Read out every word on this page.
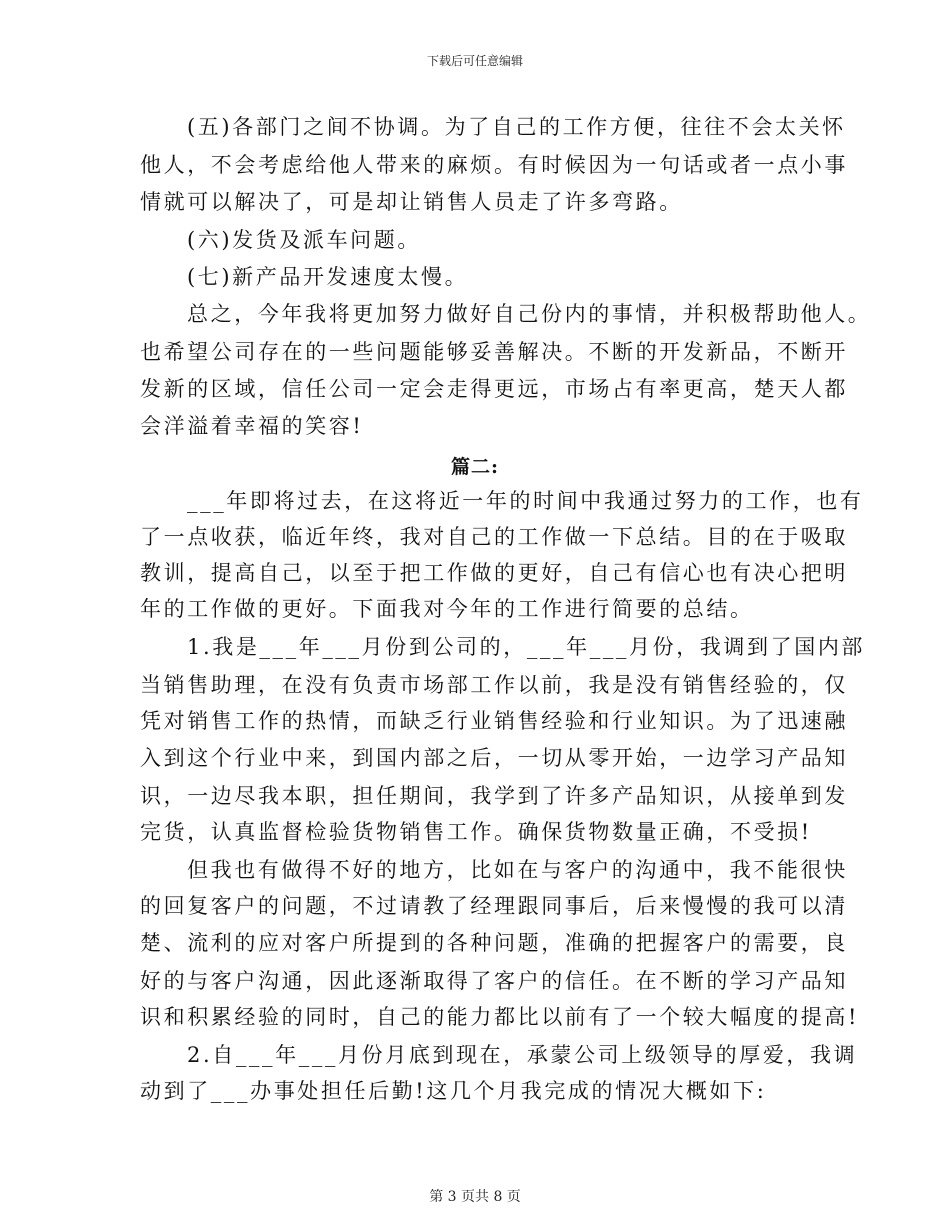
下载后可任意编辑
(五)各部门之间不协调。为了自己的工作方便，往往不会太关怀
他人，不会考虑给他人带来的麻烦。有时候因为一句话或者一点小事
情就可以解决了，可是却让销售人员走了许多弯路。
(六)发货及派车问题。
(七)新产品开发速度太慢。
总之，今年我将更加努力做好自己份内的事情，并积极帮助他人。
也希望公司存在的一些问题能够妥善解决。不断的开发新品，不断开
发新的区域，信任公司一定会走得更远，市场占有率更高，楚天人都
会洋溢着幸福的笑容!
篇二:
___年即将过去，在这将近一年的时间中我通过努力的工作，也有
了一点收获，临近年终，我对自己的工作做一下总结。目的在于吸取
教训，提高自己，以至于把工作做的更好，自己有信心也有决心把明
年的工作做的更好。下面我对今年的工作进行简要的总结。
1.我是___年___月份到公司的，___年___月份，我调到了国内部
当销售助理，在没有负责市场部工作以前，我是没有销售经验的，仅
凭对销售工作的热情，而缺乏行业销售经验和行业知识。为了迅速融
入到这个行业中来，到国内部之后，一切从零开始，一边学习产品知
识，一边尽我本职，担任期间，我学到了许多产品知识，从接单到发
完货，认真监督检验货物销售工作。确保货物数量正确，不受损!
但我也有做得不好的地方，比如在与客户的沟通中，我不能很快
的回复客户的问题，不过请教了经理跟同事后，后来慢慢的我可以清
楚、流利的应对客户所提到的各种问题，准确的把握客户的需要，良
好的与客户沟通，因此逐渐取得了客户的信任。在不断的学习产品知
识和积累经验的同时，自己的能力都比以前有了一个较大幅度的提高!
2.自___年___月份月底到现在，承蒙公司上级领导的厚爱，我调
动到了___办事处担任后勤!这几个月我完成的情况大概如下:
第 3 页共 8 页
